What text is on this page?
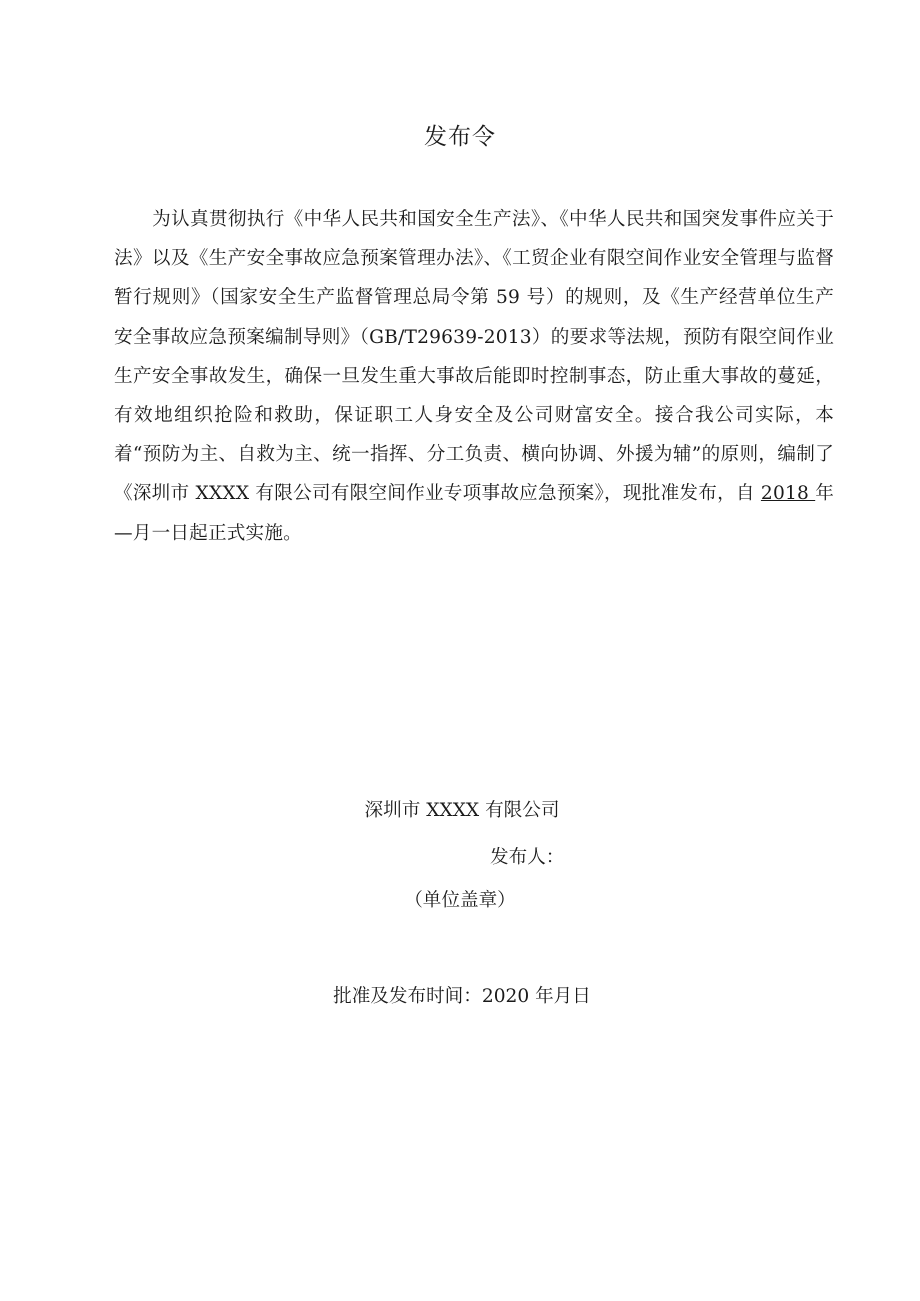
发布令
为认真贯彻执行《中华人民共和国安全生产法》、《中华人民共和国突发事件应关于法》以及《生产安全事故应急预案管理办法》、《工贸企业有限空间作业安全管理与监督暂行规则》（国家安全生产监督管理总局令第 59 号）的规则，及《生产经营单位生产安全事故应急预案编制导则》（GB/T29639-2013）的要求等法规，预防有限空间作业生产安全事故发生，确保一旦发生重大事故后能即时控制事态，防止重大事故的蔓延，有效地组织抢险和救助，保证职工人身安全及公司财富安全。接合我公司实际，本着“预防为主、自救为主、统一指挥、分工负责、横向协调、外援为辅”的原则，编制了《深圳市 XXXX 有限公司有限空间作业专项事故应急预案》，现批准发布，自 2018 年—月一日起正式实施。
深圳市 XXXX 有限公司
发布人：
（单位盖章）
批准及发布时间：2020 年月日
